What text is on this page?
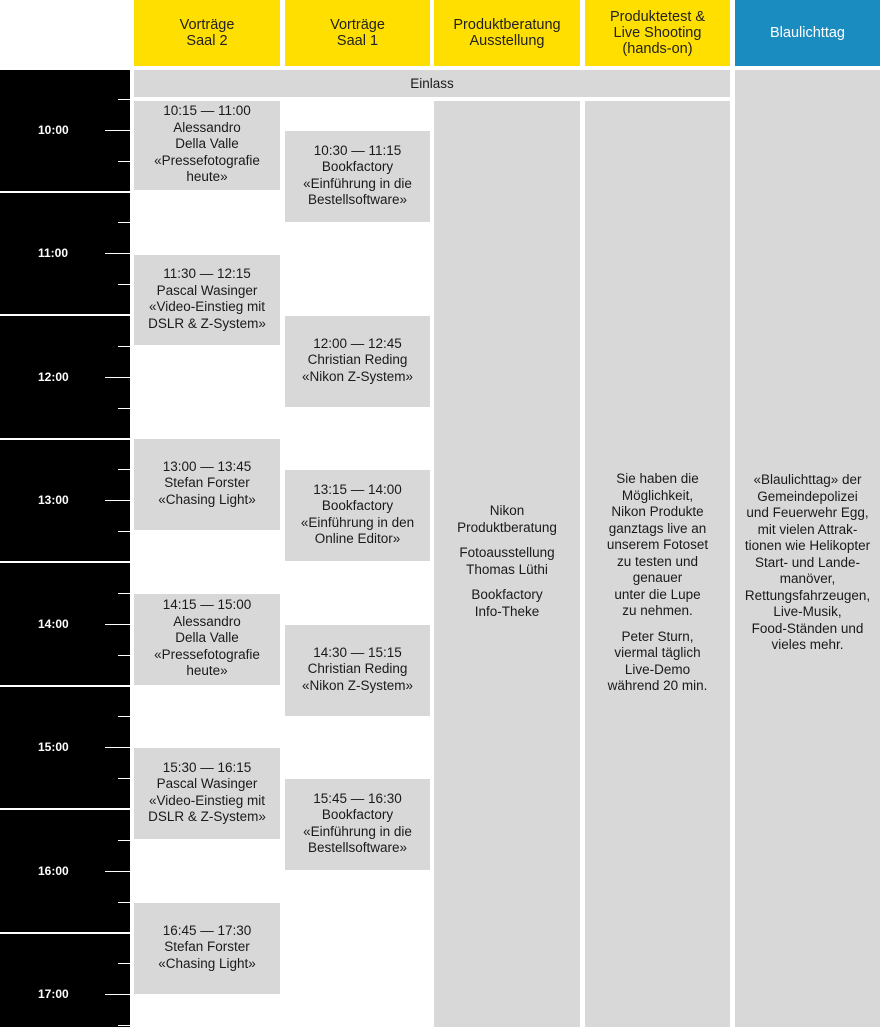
Vorträge
Saal 2
Vorträge
Saal 1
Produktberatung
Ausstellung
Produktetest &
Live Shooting
(hands-on)
Blaulichttag
10:00
11:00
12:00
13:00
14:00
15:00
16:00
17:00
Einlass
10:15 — 11:00
Alessandro
Della Valle
«Pressefotografie
heute»
11:30 — 12:15
Pascal Wasinger
«Video-Einstieg mit
DSLR & Z-System»
13:00 — 13:45
Stefan Forster
«Chasing Light»
14:15 — 15:00
Alessandro
Della Valle
«Pressefotografie
heute»
15:30 — 16:15
Pascal Wasinger
«Video-Einstieg mit
DSLR & Z-System»
16:45 — 17:30
Stefan Forster
«Chasing Light»
10:30 — 11:15
Bookfactory
«Einführung in die
Bestellsoftware»
12:00 — 12:45
Christian Reding
«Nikon Z-System»
13:15 — 14:00
Bookfactory
«Einführung in den
Online Editor»
14:30 — 15:15
Christian Reding
«Nikon Z-System»
15:45 — 16:30
Bookfactory
«Einführung in die
Bestellsoftware»
Nikon
Produktberatung
Fotoausstellung
Thomas Lüthi
Bookfactory
Info-Theke
Sie haben die
Möglichkeit,
Nikon Produkte
ganztags live an
unserem Fotoset
zu testen und
genauer
unter die Lupe
zu nehmen.
Peter Sturn,
viermal täglich
Live-Demo
während 20 min.
«Blaulichttag» der
Gemeindepolizei
und Feuerwehr Egg,
mit vielen Attrak-
tionen wie Helikopter
Start- und Lande-
manöver,
Rettungsfahrzeugen,
Live-Musik,
Food-Ständen und
vieles mehr.
